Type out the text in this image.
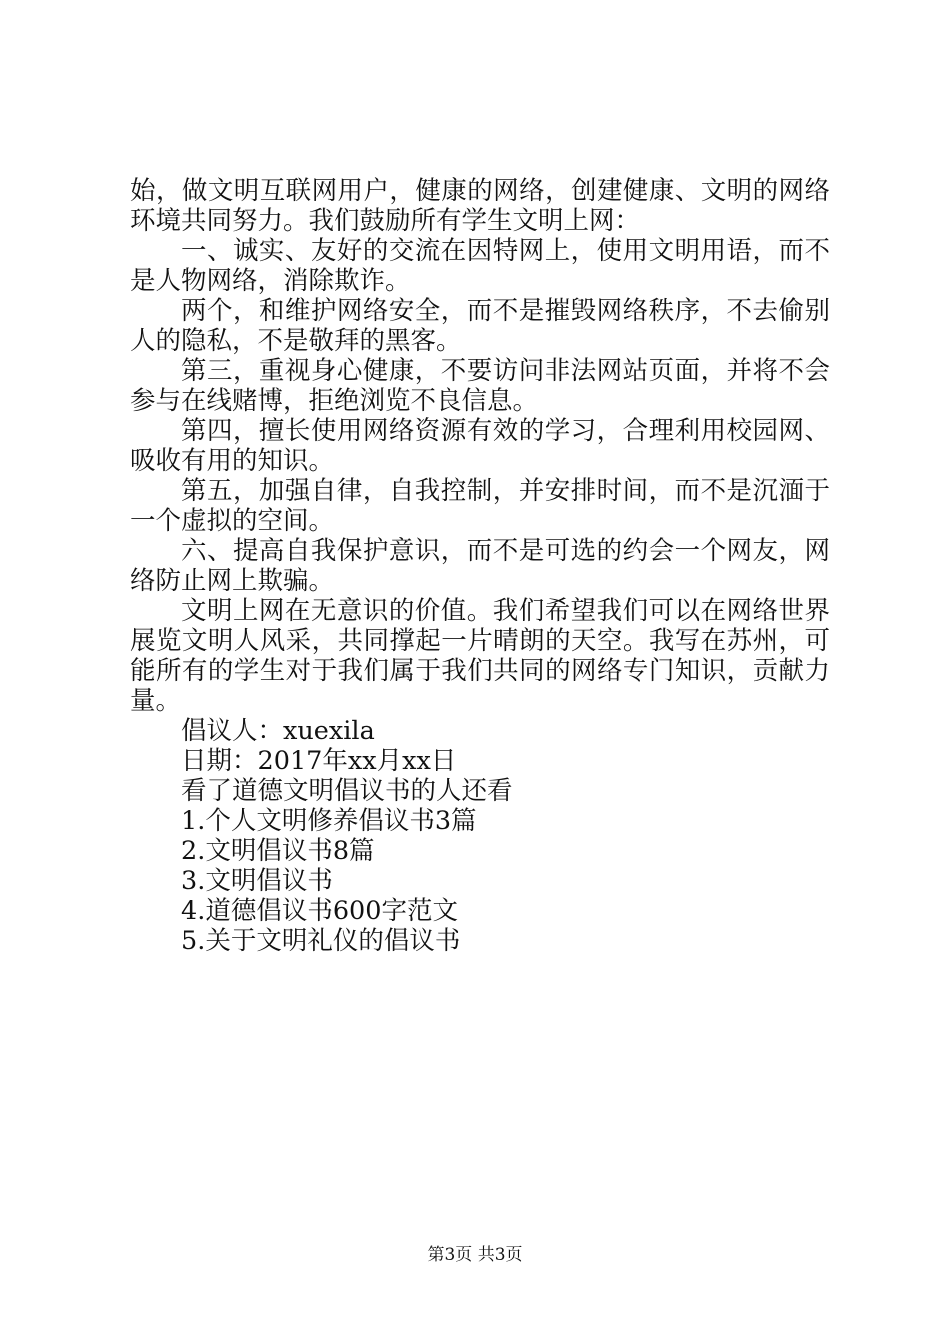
始，做文明互联网用户，健康的网络，创建健康、文明的网络环境共同努力。我们鼓励所有学生文明上网：

一、诚实、友好的交流在因特网上，使用文明用语，而不是人物网络，消除欺诈。

两个，和维护网络安全，而不是摧毁网络秩序，不去偷别人的隐私，不是敬拜的黑客。

第三，重视身心健康，不要访问非法网站页面，并将不会参与在线赌博，拒绝浏览不良信息。

第四，擅长使用网络资源有效的学习，合理利用校园网、吸收有用的知识。

第五，加强自律，自我控制，并安排时间，而不是沉湎于一个虚拟的空间。

六、提高自我保护意识，而不是可选的约会一个网友，网络防止网上欺骗。

文明上网在无意识的价值。我们希望我们可以在网络世界展览文明人风采，共同撑起一片晴朗的天空。我写在苏州，可能所有的学生对于我们属于我们共同的网络专门知识，贡献力量。

倡议人：xuexila

日期：2017年xx月xx日

看了道德文明倡议书的人还看

1.个人文明修养倡议书3篇

2.文明倡议书8篇

3.文明倡议书

4.道德倡议书600字范文

5.关于文明礼仪的倡议书

第3页 共3页
